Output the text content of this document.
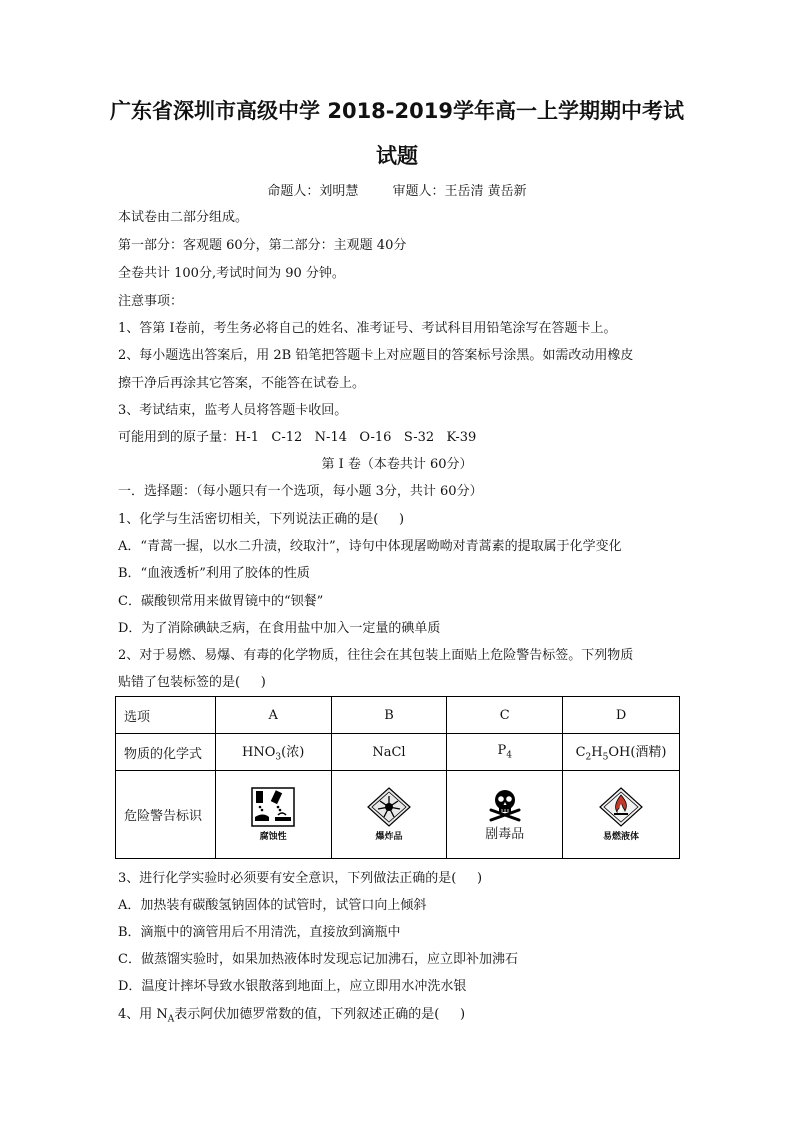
广东省深圳市高级中学 2018-2019学年高一上学期期中考试
试题
命题人：刘明慧	审题人：王岳清 黄岳新
本试卷由二部分组成。
第一部分：客观题 60分，第二部分：主观题 40分
全卷共计 100分,考试时间为 90 分钟。
注意事项：
1、答第 I卷前，考生务必将自己的姓名、准考证号、考试科目用铅笔涂写在答题卡上。
2、每小题选出答案后，用 2B 铅笔把答题卡上对应题目的答案标号涂黑。如需改动用橡皮
擦干净后再涂其它答案，不能答在试卷上。
3、考试结束，监考人员将答题卡收回。
可能用到的原子量：H-1   C-12   N-14   O-16   S-32   K-39
第 I 卷（本卷共计 60分）
一．选择题：（每小题只有一个选项，每小题 3分，共计 60分）
1、化学与生活密切相关，下列说法正确的是(     )
A．“青蒿一握，以水二升渍，绞取汁”，诗句中体现屠呦呦对青蒿素的提取属于化学变化
B．“血液透析”利用了胶体的性质
C．碳酸钡常用来做胃镜中的“钡餐”
D．为了消除碘缺乏病，在食用盐中加入一定量的碘单质
2、对于易燃、易爆、有毒的化学物质，往往会在其包装上面贴上危险警告标签。下列物质
贴错了包装标签的是(     )
选项	A	B	C	D
物质的化学式	$HNO_3$(浓)	NaCl	$P_4$	$C_2H_5OH$(酒精)
危险警告标识	腐蚀性	爆炸品	剧毒品	易燃液体
3、进行化学实验时必须要有安全意识，下列做法正确的是(     )
A．加热装有碳酸氢钠固体的试管时，试管口向上倾斜
B．滴瓶中的滴管用后不用清洗，直接放到滴瓶中
C．做蒸馏实验时，如果加热液体时发现忘记加沸石，应立即补加沸石
D．温度计摔坏导致水银散落到地面上，应立即用水冲洗水银
4、用 $N_A$表示阿伏加德罗常数的值，下列叙述正确的是(     )
